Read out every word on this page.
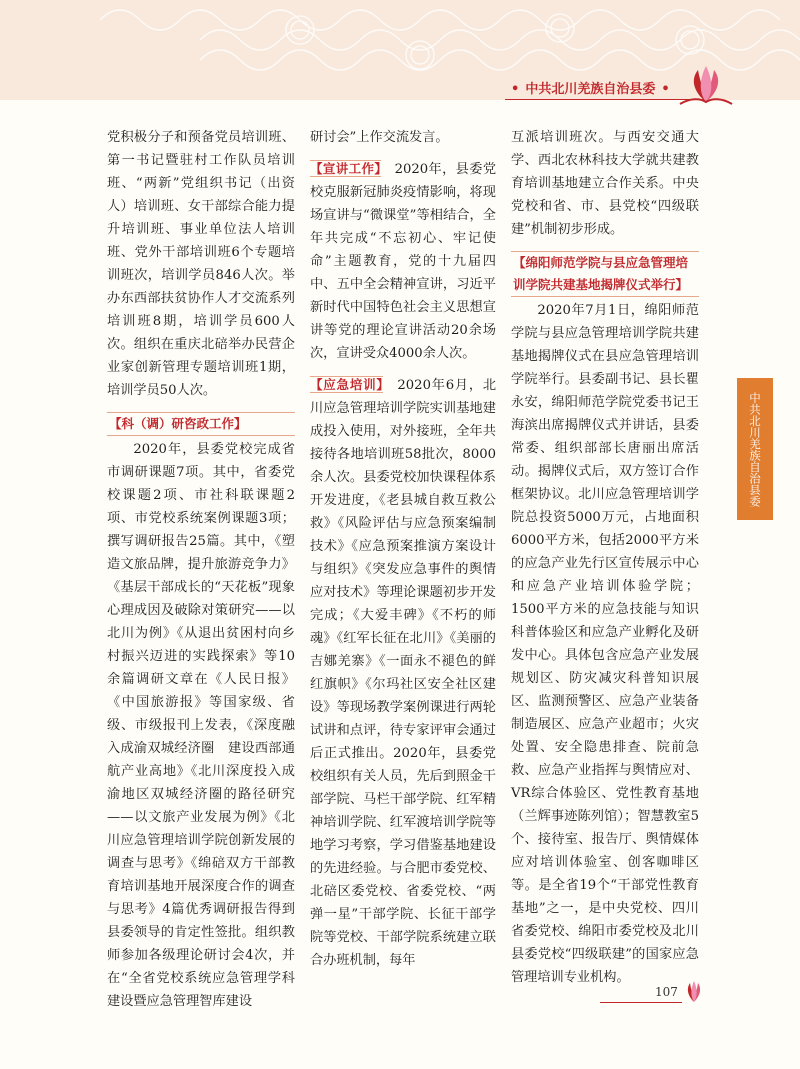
• 中共北川羌族自治县委 •
中共北川羌族自治县委

党积极分子和预备党员培训班、第一书记暨驻村工作队员培训班、“两新”党组织书记（出资人）培训班、女干部综合能力提升培训班、事业单位法人培训班、党外干部培训班6个专题培训班次，培训学员846人次。举办东西部扶贫协作人才交流系列培训班8期，培训学员600人次。组织在重庆北碚举办民营企业家创新管理专题培训班1期，培训学员50人次。

【科（调）研咨政工作】

2020年，县委党校完成省市调研课题7项。其中，省委党校课题2项、市社科联课题2项、市党校系统案例课题3项；撰写调研报告25篇。其中，《塑造文旅品牌，提升旅游竞争力》《基层干部成长的“天花板”现象心理成因及破除对策研究——以北川为例》《从退出贫困村向乡村振兴迈进的实践探索》等10余篇调研文章在《人民日报》《中国旅游报》等国家级、省级、市级报刊上发表，《深度融入成渝双城经济圈　建设西部通航产业高地》《北川深度投入成渝地区双城经济圈的路径研究——以文旅产业发展为例》《北川应急管理培训学院创新发展的调查与思考》《绵碚双方干部教育培训基地开展深度合作的调查与思考》4篇优秀调研报告得到县委领导的肯定性签批。组织教师参加各级理论研讨会4次，并在“全省党校系统应急管理学科建设暨应急管理智库建设

研讨会”上作交流发言。

【宣讲工作】　 2020年，县委党校克服新冠肺炎疫情影响，将现场宣讲与“微课堂”等相结合，全年共完成“不忘初心、牢记使命”主题教育，党的十九届四中、五中全会精神宣讲，习近平新时代中国特色社会主义思想宣讲等党的理论宣讲活动20余场次，宣讲受众4000余人次。

【应急培训】　 2020年6月，北川应急管理培训学院实训基地建成投入使用，对外接班，全年共接待各地培训班58批次，8000余人次。县委党校加快课程体系开发进度，《老县城自救互救公救》《风险评估与应急预案编制技术》《应急预案推演方案设计与组织》《突发应急事件的舆情应对技术》等理论课题初步开发完成；《大爱丰碑》《不朽的师魂》《红军长征在北川》《美丽的吉娜羌寨》《一面永不褪色的鲜红旗帜》《尔玛社区安全社区建设》等现场教学案例课进行两轮试讲和点评，待专家评审会通过后正式推出。2020年，县委党校组织有关人员，先后到照金干部学院、马栏干部学院、红军精神培训学院、红军渡培训学院等地学习考察，学习借鉴基地建设的先进经验。与合肥市委党校、北碚区委党校、省委党校、“两弹一星”干部学院、长征干部学院等党校、干部学院系统建立联合办班机制，每年

互派培训班次。与西安交通大学、西北农林科技大学就共建教育培训基地建立合作关系。中央党校和省、市、县党校“四级联建”机制初步形成。

【绵阳师范学院与县应急管理培训学院共建基地揭牌仪式举行】

2020年7月1日，绵阳师范学院与县应急管理培训学院共建基地揭牌仪式在县应急管理培训学院举行。县委副书记、县长瞿永安，绵阳师范学院党委书记王海滨出席揭牌仪式并讲话，县委常委、组织部部长唐丽出席活动。揭牌仪式后，双方签订合作框架协议。北川应急管理培训学院总投资5000万元，占地面积6000平方米，包括2000平方米的应急产业先行区宣传展示中心和应急产业培训体验学院；1500平方米的应急技能与知识科普体验区和应急产业孵化及研发中心。具体包含应急产业发展规划区、防灾减灾科普知识展区、监测预警区、应急产业装备制造展区、应急产业超市；火灾处置、安全隐患排查、院前急救、应急产业指挥与舆情应对、VR综合体验区、党性教育基地（兰辉事迹陈列馆）；智慧教室5个、接待室、报告厅、舆情媒体应对培训体验室、创客咖啡区等。是全省19个“干部党性教育基地”之一，是中央党校、四川省委党校、绵阳市委党校及北川县委党校“四级联建”的国家应急管理培训专业机构。

107
